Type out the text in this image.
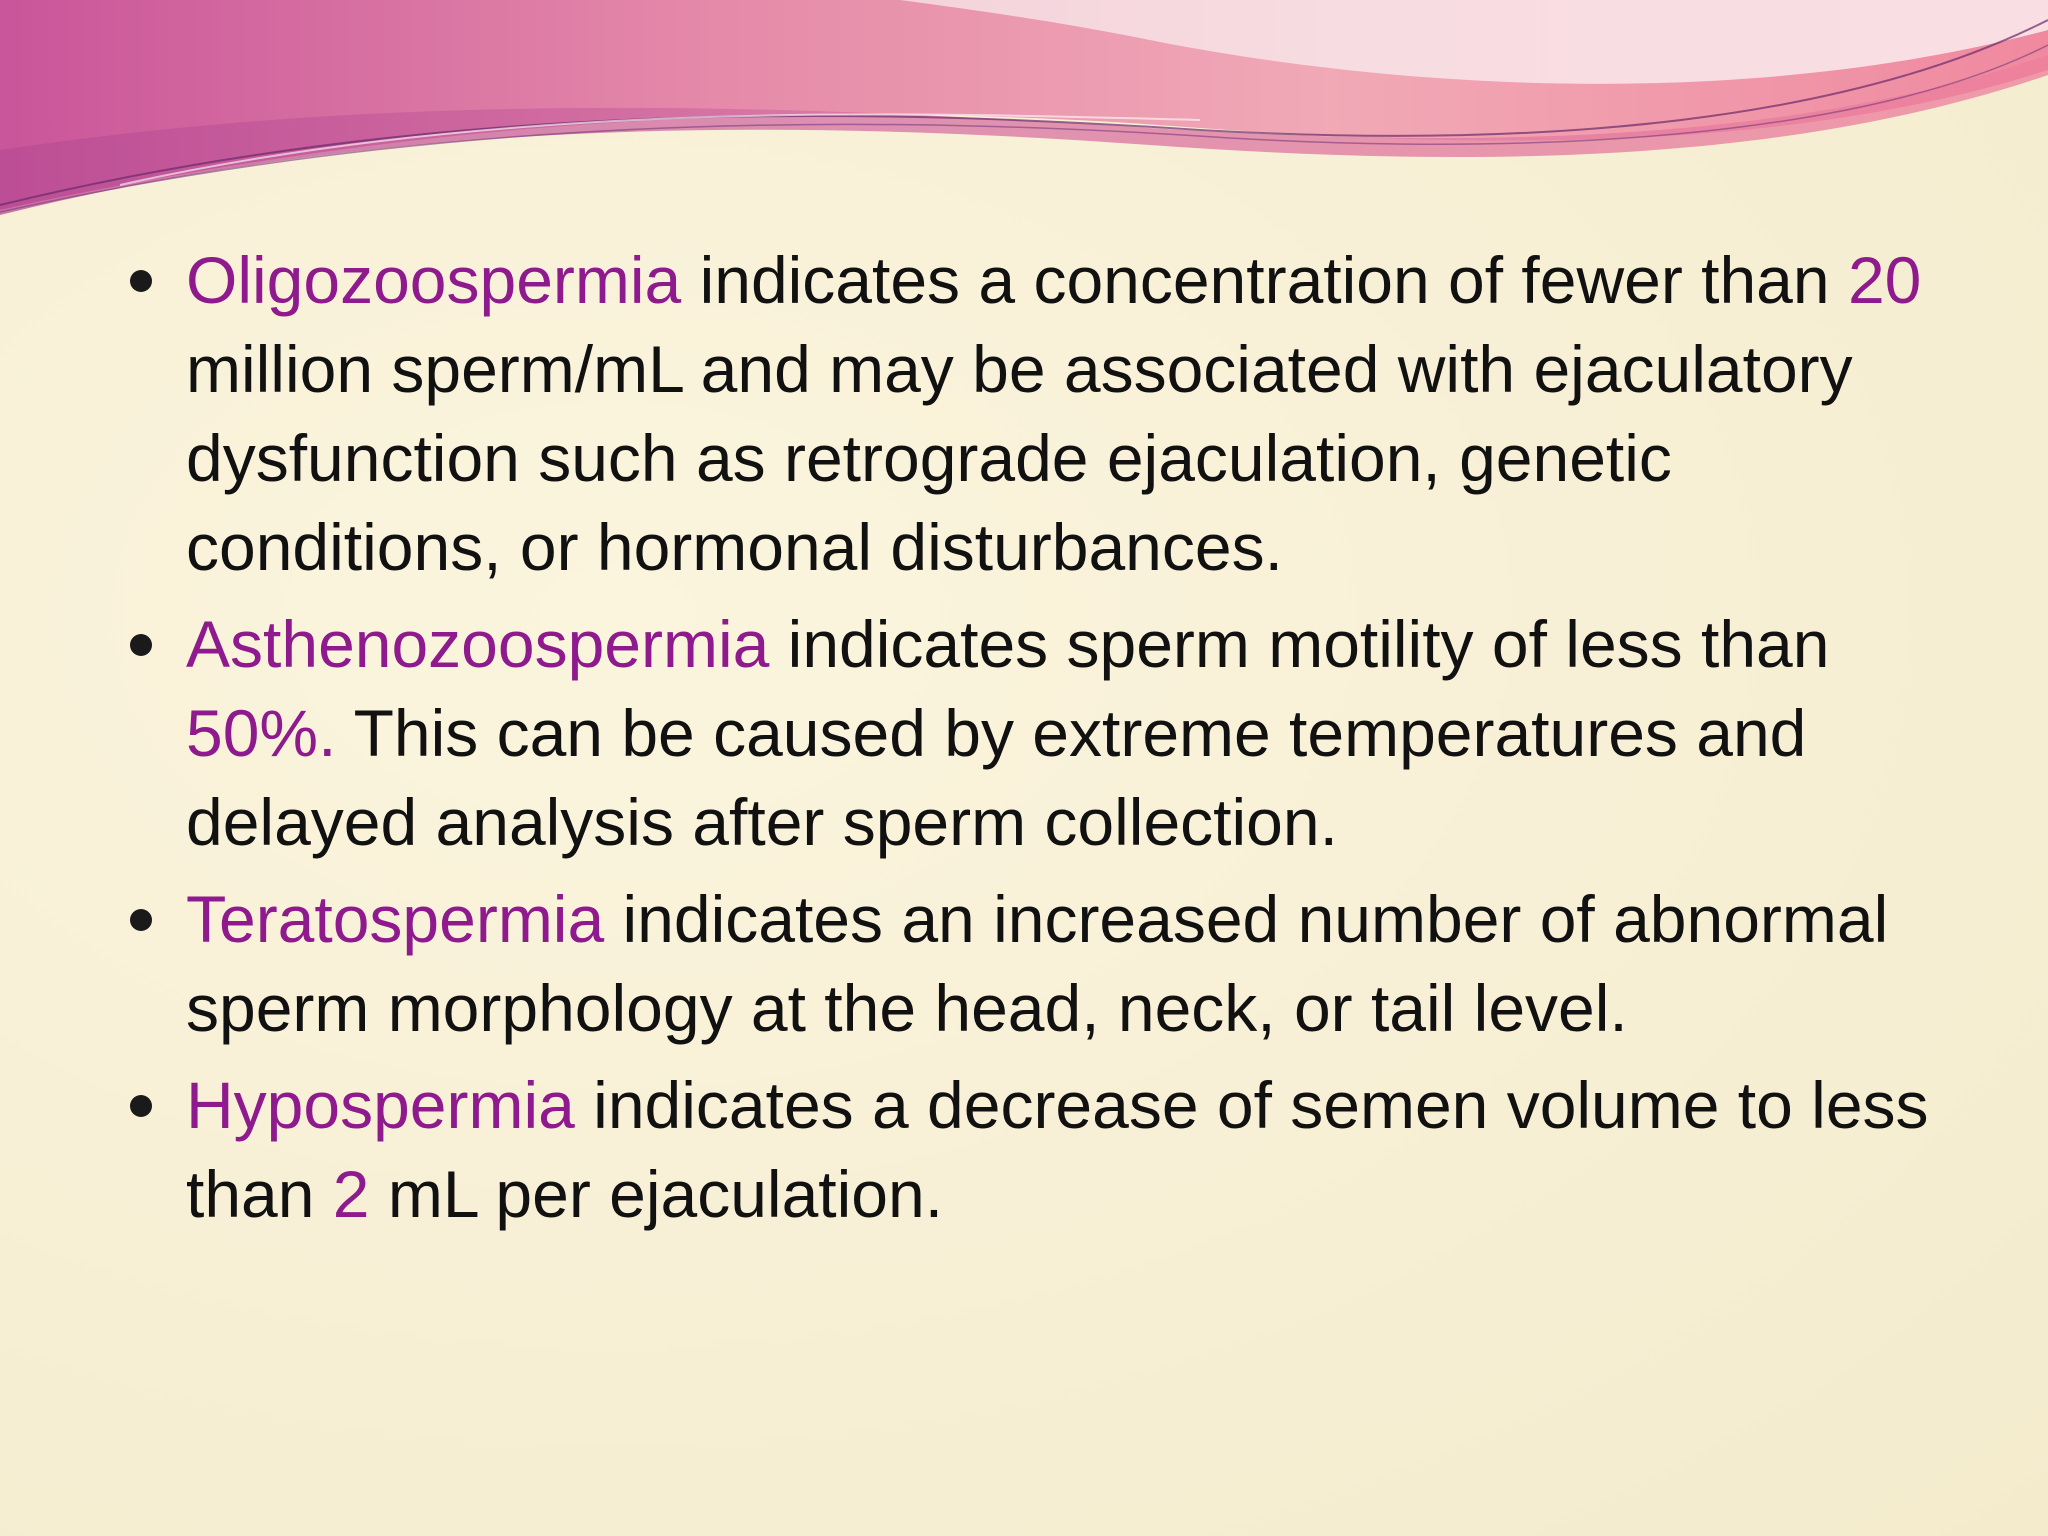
Oligozoospermia indicates a concentration of fewer than 20 million sperm/mL and may be associated with ejaculatory dysfunction such as retrograde ejaculation, genetic conditions, or hormonal disturbances.
Asthenozoospermia indicates sperm motility of less than 50%. This can be caused by extreme temperatures and delayed analysis after sperm collection.
Teratospermia indicates an increased number of abnormal sperm morphology at the head, neck, or tail level.
Hypospermia indicates a decrease of semen volume to less than 2 mL per ejaculation.
